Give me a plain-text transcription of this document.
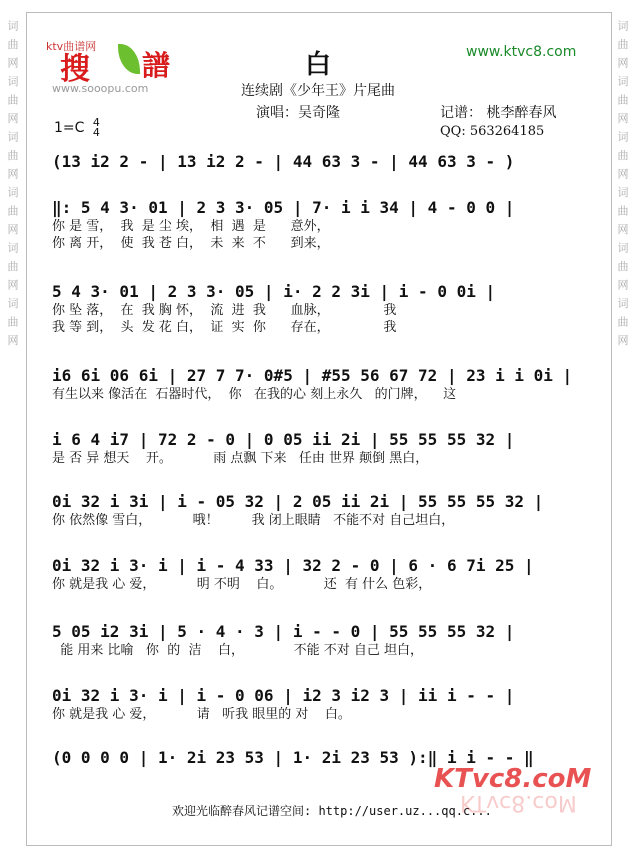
词 曲 网 词 曲 网 词 曲 网 词 曲 网 词 曲 网 词 曲 网	词 曲 网 词 曲 网 词 曲 网 词 曲 网 词 曲 网 词 曲 网
ktv曲谱网
搜 譜
www.sooopu.com
www.ktvc8.com
白
连续剧《少年王》片尾曲
演唱：吴奇隆	记谱： 桃李醉春风
QQ: 563264185
1=C 4
4
(13 i2 2 - | 13 i2 2 - | 44 63 3 - | 44 63 3 - )
‖: 5 4 3· 01 | 2 3 3· 05 | 7· i i 34 | 4 - 0 0 |
你 是 雪，  我  是 尘 埃，  相  遇  是      意外，
你 离 开，  使  我 苍 白，  未  来  不      到来，
5 4 3· 01 | 2 3 3· 05 | i· 2 2 3i | i - 0 0i |
你 坠 落，  在  我 胸 怀，  流  进  我      血脉，             我
我 等 到，  头  发 花 白，  证  实  你      存在，             我
i6 6i 06 6i | 27 7 7· 0#5 | #55 56 67 72 | 23 i i 0i |
有生以来 像活在  石器时代，  你   在我的心 刻上永久   的门牌，    这
i 6 4 i7 | 72 2 - 0 | 0 05 ii 2i | 55 55 55 32 |
是 否 异 想天    开。          雨 点飘 下来   任由 世界 颠倒 黑白，
0i 32 i 3i | i - 05 32 | 2 05 ii 2i | 55 55 55 32 |
你 依然像 雪白，          哦！        我 闭上眼睛   不能不对 自己坦白，
0i 32 i 3· i | i - 4 33 | 32 2 - 0 | 6 · 6 7i 25 |
你 就是我 心 爱，          明 不明    白。          还  有 什么 色彩，
5 05 i2 3i | 5 · 4 · 3 | i - - 0 | 55 55 55 32 |
能 用来 比喻   你  的  洁    白，            不能 不对 自己 坦白，
0i 32 i 3· i | i - 0 06 | i2 3 i2 3 | ii i - - |
你 就是我 心 爱，          请   听我 眼里的 对    白。
(0 0 0 0 | 1· 2i 23 53 | 1· 2i 23 53 ):‖ i i - - ‖
欢迎光临醉春风记谱空间: http://user.uz...qq.c...
KTvc8.coM
KTvc8.coM
